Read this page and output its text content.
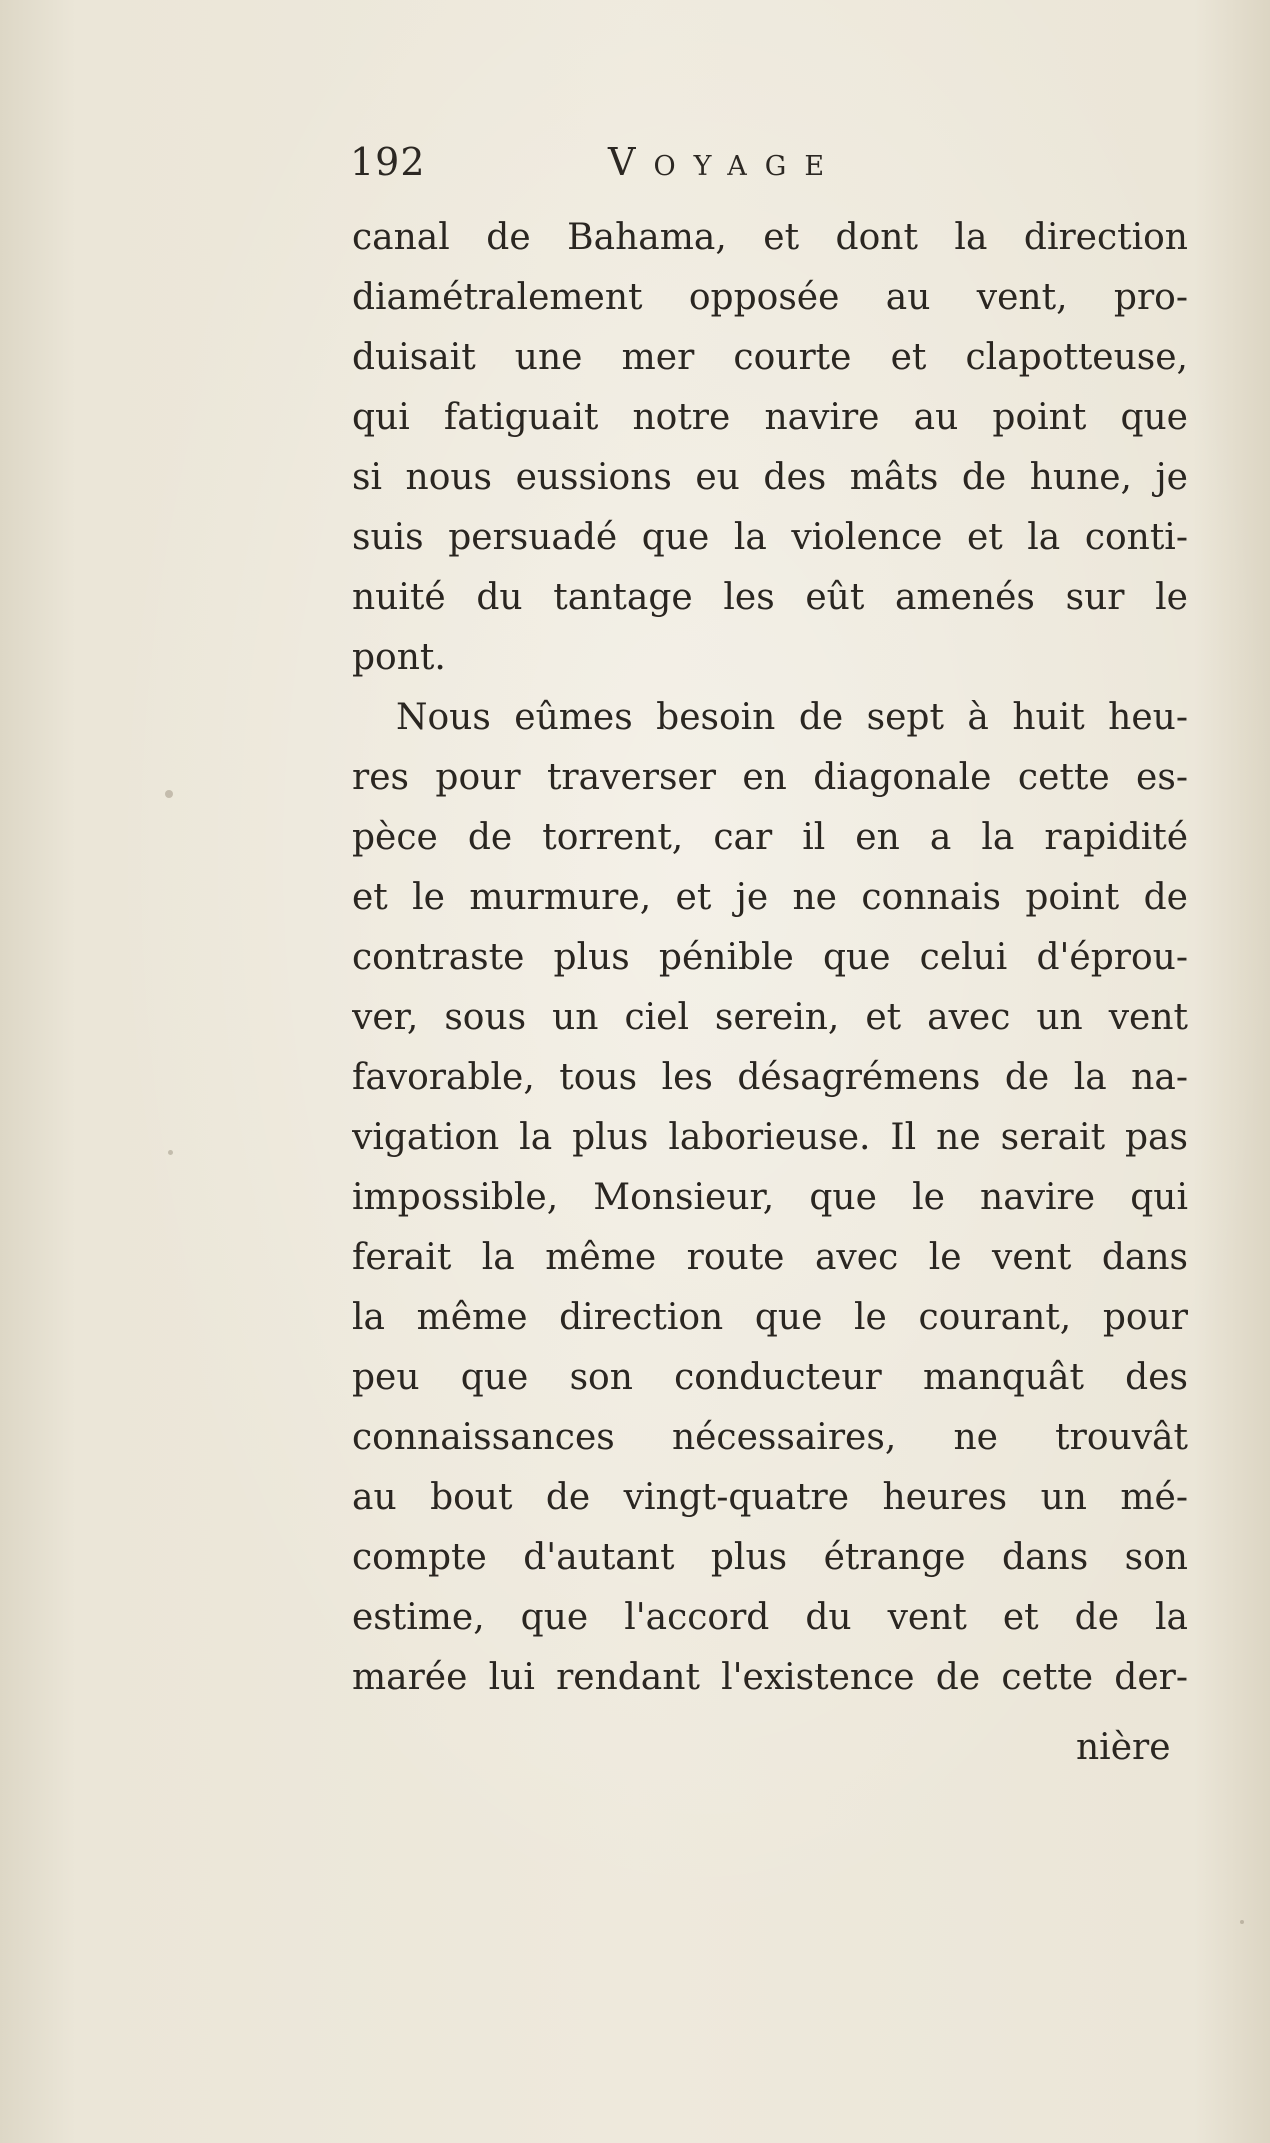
192	Voyage
canal de Bahama, et dont la direction
diamétralement opposée au vent, pro-
duisait une mer courte et clapotteuse,
qui fatiguait notre navire au point que
si nous eussions eu des mâts de hune, je
suis persuadé que la violence et la conti-
nuité du tantage les eût amenés sur le
pont.
Nous eûmes besoin de sept à huit heu-
res pour traverser en diagonale cette es-
pèce de torrent, car il en a la rapidité
et le murmure, et je ne connais point de
contraste plus pénible que celui d'éprou-
ver, sous un ciel serein, et avec un vent
favorable, tous les désagrémens de la na-
vigation la plus laborieuse. Il ne serait pas
impossible, Monsieur, que le navire qui
ferait la même route avec le vent dans
la même direction que le courant, pour
peu que son conducteur manquât des
connaissances nécessaires, ne trouvât
au bout de vingt-quatre heures un mé-
compte d'autant plus étrange dans son
estime, que l'accord du vent et de la
marée lui rendant l'existence de cette der-
nière
